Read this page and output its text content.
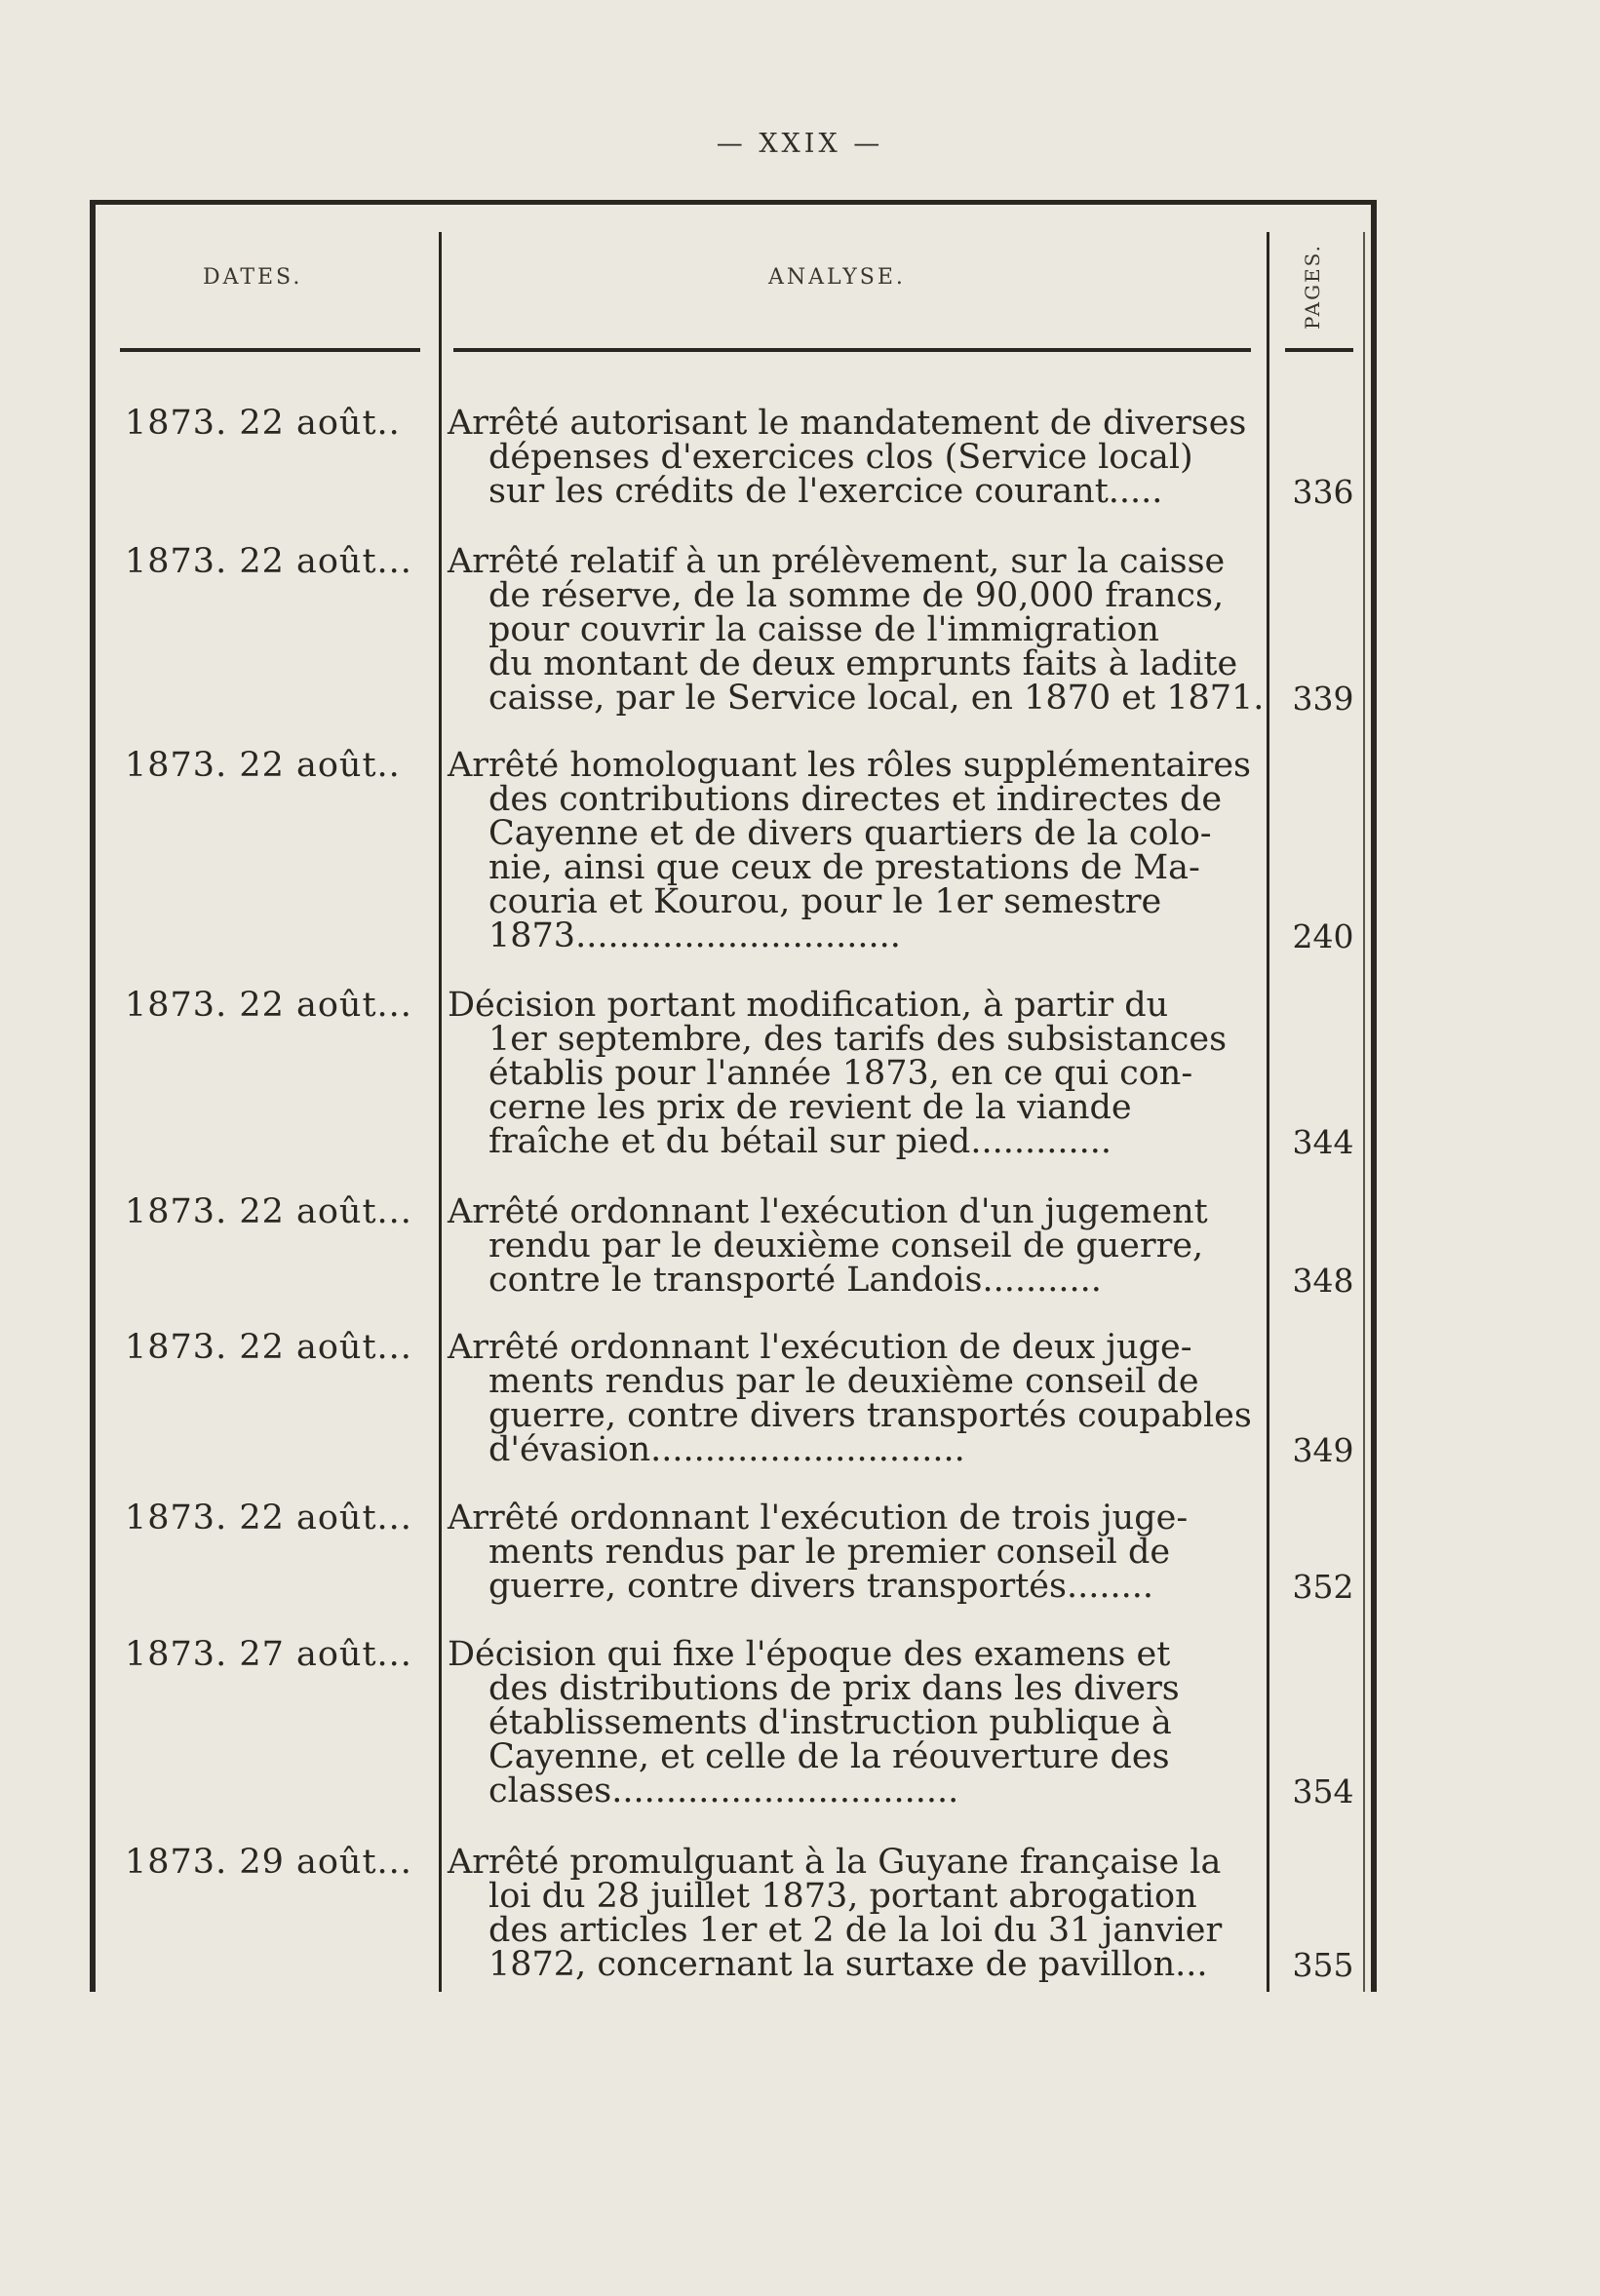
— XXIX —
DATES.	ANALYSE.	PAGES.
1873. 22 août.. Arrêté autorisant le mandatement de diverses
dépenses d'exercices clos (Service local)
sur les crédits de l'exercice courant.....	336
1873. 22 août... Arrêté relatif à un prélèvement, sur la caisse
de réserve, de la somme de 90,000 francs,
pour couvrir la caisse de l'immigration
du montant de deux emprunts faits à ladite
caisse, par le Service local, en 1870 et 1871. 339
1873. 22 août.. Arrêté homologuant les rôles supplémentaires
des contributions directes et indirectes de
Cayenne et de divers quartiers de la colo-
nie, ainsi que ceux de prestations de Ma-
couria et Kourou, pour le 1er semestre
1873..............................	240
1873. 22 août... Décision portant modification, à partir du
1er septembre, des tarifs des subsistances
établis pour l'année 1873, en ce qui con-
cerne les prix de revient de la viande
fraîche et du bétail sur pied.............	344
1873. 22 août... Arrêté ordonnant l'exécution d'un jugement
rendu par le deuxième conseil de guerre,
contre le transporté Landois...........	348
1873. 22 août... Arrêté ordonnant l'exécution de deux juge-
ments rendus par le deuxième conseil de
guerre, contre divers transportés coupables
d'évasion.............................	349
1873. 22 août... Arrêté ordonnant l'exécution de trois juge-
ments rendus par le premier conseil de
guerre, contre divers transportés........	352
1873. 27 août... Décision qui fixe l'époque des examens et
des distributions de prix dans les divers
établissements d'instruction publique à
Cayenne, et celle de la réouverture des
classes................................	354
1873. 29 août... Arrêté promulguant à la Guyane française la
loi du 28 juillet 1873, portant abrogation
des articles 1er et 2 de la loi du 31 janvier
1872, concernant la surtaxe de pavillon...	355
